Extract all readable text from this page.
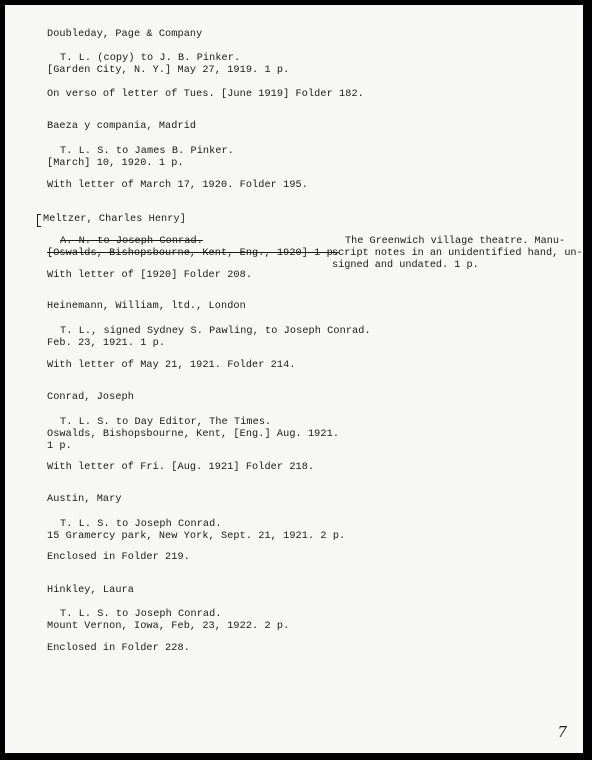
Doubleday, Page & Company
T. L. (copy) to J. B. Pinker.
[Garden City, N. Y.] May 27, 1919. 1 p.
On verso of letter of Tues. [June 1919] Folder 182.
Baeza y compania, Madrid
T. L. S. to James B. Pinker.
[March] 10, 1920. 1 p.
With letter of March 17, 1920. Folder 195.
Meltzer, Charles Henry]
A. N. to Joseph Conrad.
[Oswalds, Bishopsbourne, Kent, Eng., 1920] 1 p.
With letter of [1920] Folder 208.
The Greenwich village theatre. Manu-
script notes in an unidentified hand, un-
signed and undated. 1 p.
Heinemann, William, ltd., London
T. L., signed Sydney S. Pawling, to Joseph Conrad.
Feb. 23, 1921. 1 p.
With letter of May 21, 1921. Folder 214.
Conrad, Joseph
T. L. S. to Day Editor, The Times.
Oswalds, Bishopsbourne, Kent, [Eng.] Aug. 1921.
1 p.
With letter of Fri. [Aug. 1921] Folder 218.
Austin, Mary
T. L. S. to Joseph Conrad.
15 Gramercy park, New York, Sept. 21, 1921. 2 p.
Enclosed in Folder 219.
Hinkley, Laura
T. L. S. to Joseph Conrad.
Mount Vernon, Iowa, Feb, 23, 1922. 2 p.
Enclosed in Folder 228.
7
